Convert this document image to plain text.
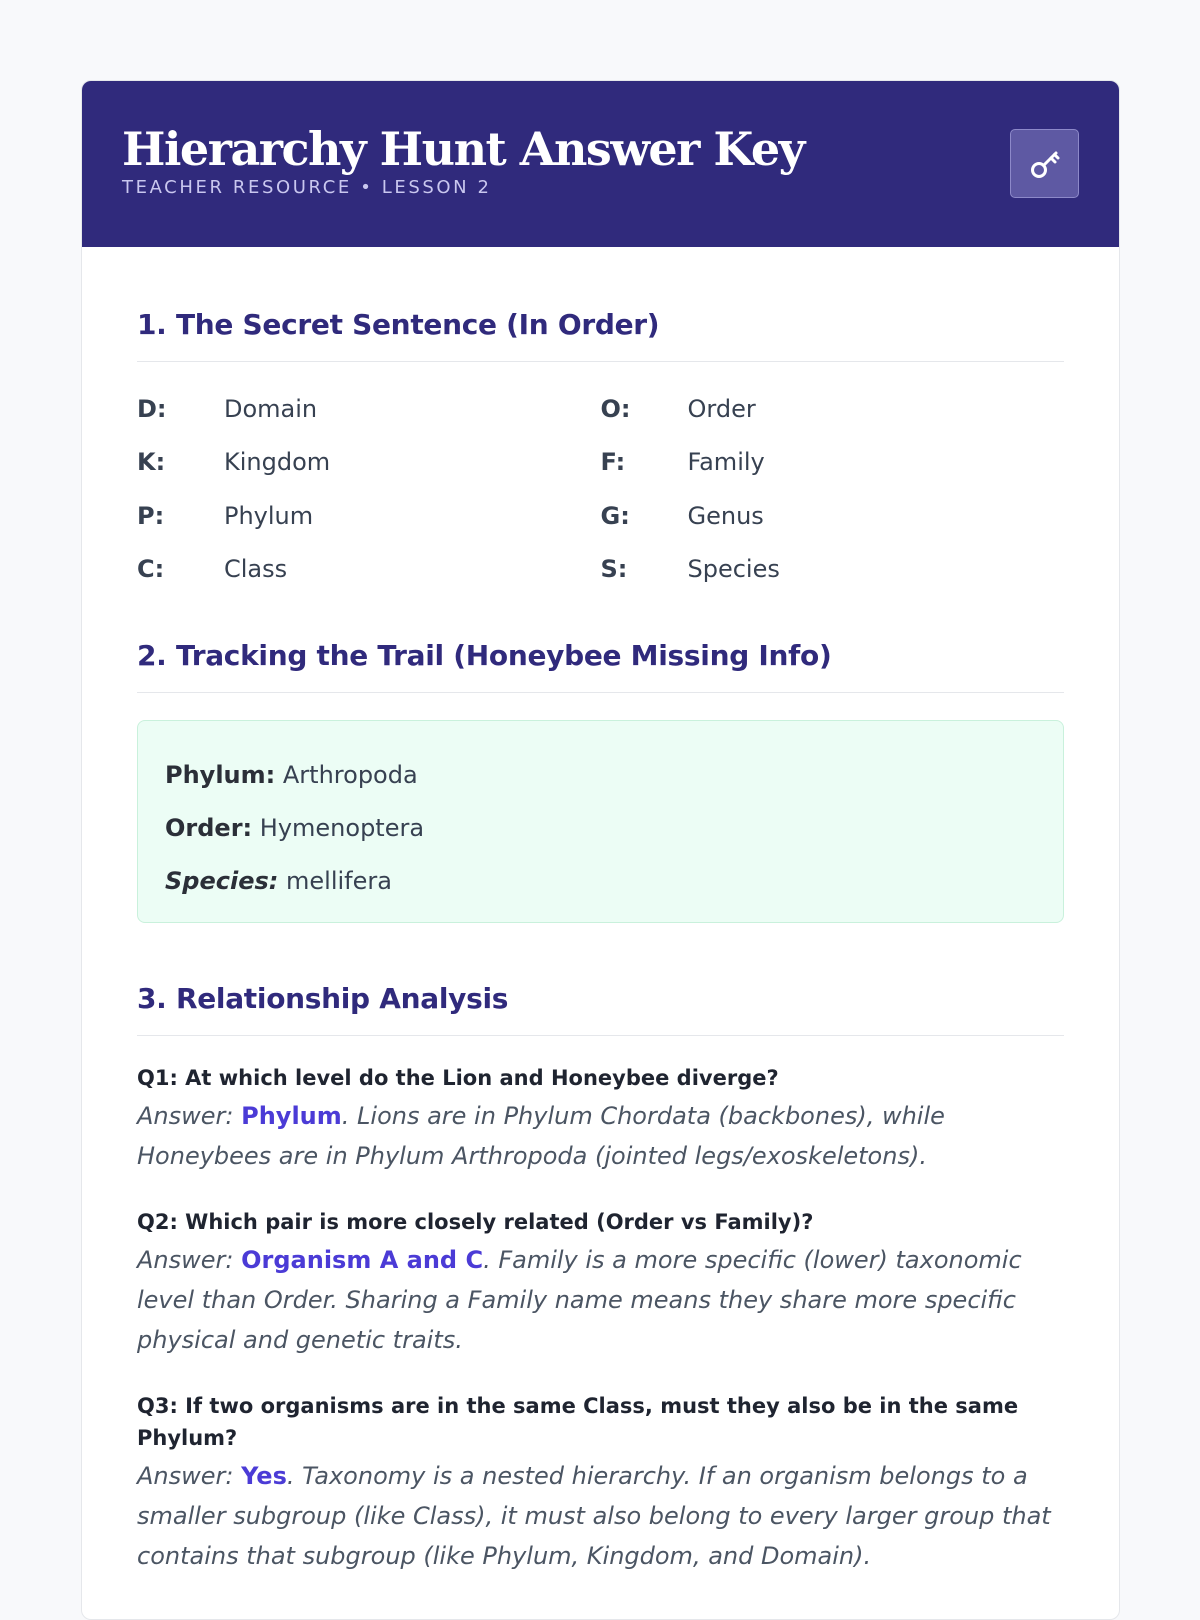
Hierarchy Hunt Answer Key
TEACHER RESOURCE • LESSON 2
1. The Secret Sentence (In Order)
D:	Domain
K:	Kingdom
P:	Phylum
C:	Class
O:	Order
F:	Family
G:	Genus
S:	Species
2. Tracking the Trail (Honeybee Missing Info)
Phylum: Arthropoda
Order: Hymenoptera
Species: mellifera
3. Relationship Analysis
Q1: At which level do the Lion and Honeybee diverge?
Answer: Phylum. Lions are in Phylum Chordata (backbones), while Honeybees are in Phylum Arthropoda (jointed legs/exoskeletons).
Q2: Which pair is more closely related (Order vs Family)?
Answer: Organism A and C. Family is a more specific (lower) taxonomic level than Order. Sharing a Family name means they share more specific physical and genetic traits.
Q3: If two organisms are in the same Class, must they also be in the same Phylum?
Answer: Yes. Taxonomy is a nested hierarchy. If an organism belongs to a smaller subgroup (like Class), it must also belong to every larger group that contains that subgroup (like Phylum, Kingdom, and Domain).
